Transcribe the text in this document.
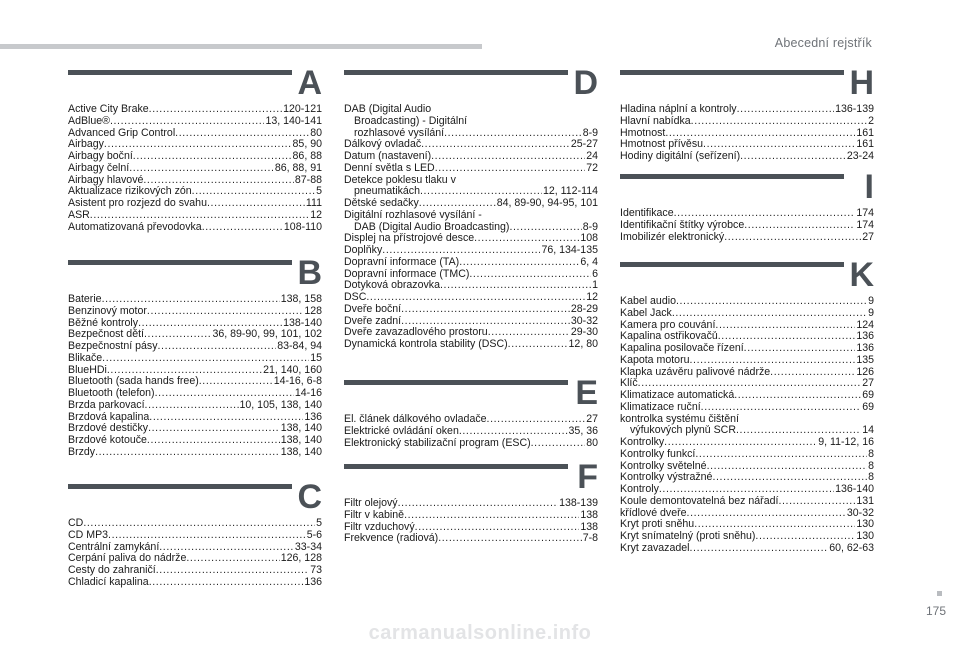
Abecední rejstřík
A
Active City Brake .....	120-121
AdBlue® .....	13, 140-141
Advanced Grip Control .....	80
Airbagy .....	85, 90
Airbagy boční .....	86, 88
Airbagy čelní .....	86, 88, 91
Airbagy hlavové .....	87-88
Aktualizace rizikových zón .....	5
Asistent pro rozjezd do svahu .....	111
ASR .....	12
Automatizovaná převodovka .....	108-110
B
Baterie .....	138, 158
Benzinový motor .....	128
Běžné kontroly .....	138-140
Bezpečnost dětí .....	36, 89-90, 99, 101, 102
Bezpečnostní pásy .....	83-84, 94
Blikače .....	15
BlueHDi .....	21, 140, 160
Bluetooth (sada hands free) .....	14-16, 6-8
Bluetooth (telefon) .....	14-16
Brzda parkovací .....	10, 105, 138, 140
Brzdová kapalina .....	136
Brzdové destičky .....	138, 140
Brzdové kotouče .....	138, 140
Brzdy .....	138, 140
C
CD .....	5
CD MP3 .....	5-6
Centrální zamykání .....	33-34
Čerpání paliva do nádrže .....	126, 128
Cesty do zahraničí .....	73
Chladicí kapalina .....	136
D
DAB (Digital Audio
Broadcasting) - Digitální
rozhlasové vysílání .....	8-9
Dálkový ovladač .....	25-27
Datum (nastavení) .....	24
Denní světla s LED .....	72
Detekce poklesu tlaku v
pneumatikách .....	12, 112-114
Dětské sedačky .....	84, 89-90, 94-95, 101
Digitální rozhlasové vysílání -
DAB (Digital Audio Broadcasting) .....	8-9
Displej na přístrojové desce .....	108
Doplňky .....	76, 134-135
Dopravní informace (TA) .....	6, 4
Dopravní informace (TMC) .....	6
Dotyková obrazovka .....	1
DSC .....	12
Dveře boční .....	28-29
Dveře zadní .....	30-32
Dveře zavazadlového prostoru .....	29-30
Dynamická kontrola stability (DSC) .....	12, 80
E
El. článek dálkového ovladače .....	27
Elektrické ovládání oken .....	35, 36
Elektronický stabilizační program (ESC) .....	80
F
Filtr olejový .....	138-139
Filtr v kabině .....	138
Filtr vzduchový .....	138
Frekvence (radiová) .....	7-8
H
Hladina náplní a kontroly .....	136-139
Hlavní nabídka .....	2
Hmotnost .....	161
Hmotnost přívěsu .....	161
Hodiny digitální (seřízení) .....	23-24
I
Identifikace .....	174
Identifikační štítky výrobce .....	174
Imobilizér elektronický .....	27
K
Kabel audio .....	9
Kabel Jack .....	9
Kamera pro couvání .....	124
Kapalina ostřikovačů .....	136
Kapalina posilovače řízení .....	136
Kapota motoru .....	135
Klapka uzávěru palivové nádrže .....	126
Klíč .....	27
Klimatizace automatická .....	69
Klimatizace ruční .....	69
kontrolka systému čištění
výfukových plynů SCR .....	14
Kontrolky .....	9, 11-12, 16
Kontrolky funkcí .....	8
Kontrolky světelné .....	8
Kontrolky výstražné .....	8
Kontroly .....	136-140
Koule demontovatelná bez nářadí .....	131
křídlové dveře .....	30-32
Kryt proti sněhu .....	130
Kryt snímatelný (proti sněhu) .....	130
Kryt zavazadel .....	60, 62-63
175
carmanualsonline.info
